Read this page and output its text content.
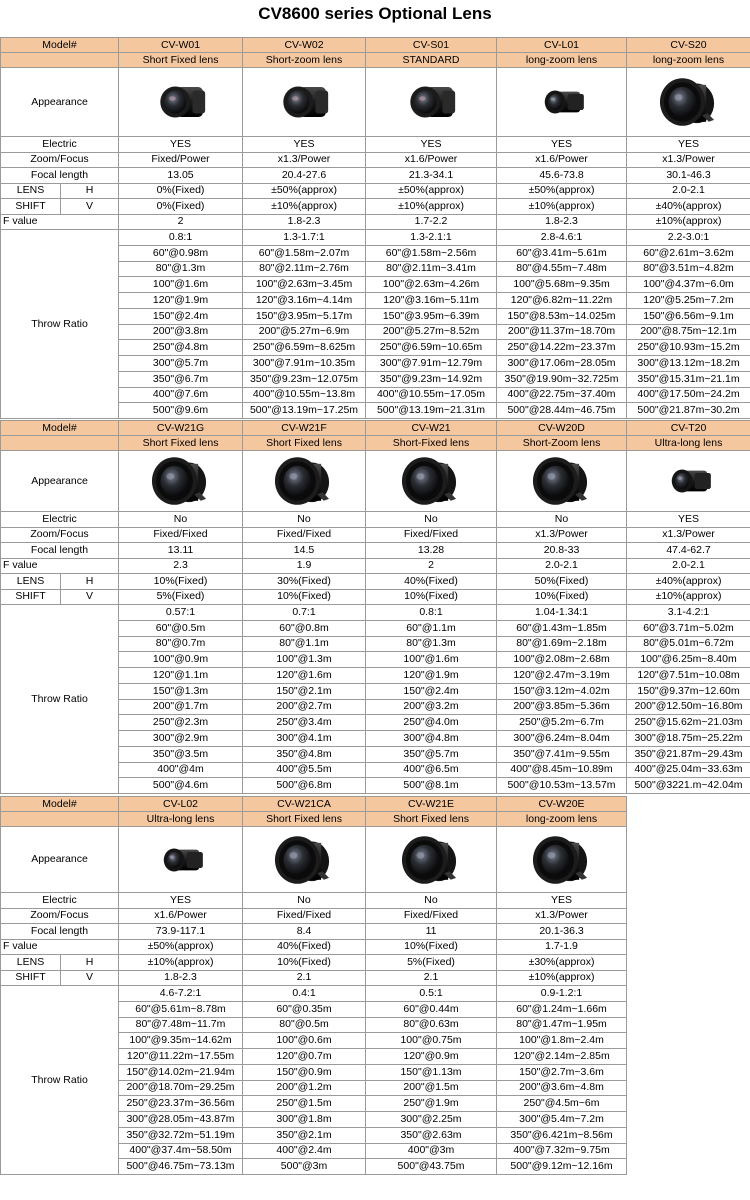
CV8600 series Optional Lens
Model#		CV-W01	CV-W02	CV-S01	CV-L01	CV-S20
		Short Fixed lens	Short-zoom lens	STANDARD	long-zoom lens	long-zoom lens
Appearance	

Electric		YES	YES	YES	YES	YES
Zoom/Focus		Fixed/Power	x1.3/Power	x1.6/Power	x1.6/Power	x1.3/Power
Focal length		13.05	20.4-27.6	21.3-34.1	45.6-73.8	30.1-46.3
LENS	H	0%(Fixed)	±50%(approx)	±50%(approx)	±50%(approx)	2.0-2.1
SHIFT	V	0%(Fixed)	±10%(approx)	±10%(approx)	±10%(approx)	±40%(approx)
F value		2	1.8-2.3	1.7-2.2	1.8-2.3	±10%(approx)
Throw Ratio		0.8:1	1.3-1.7:1	1.3-2.1:1	2.8-4.6:1	2.2-3.0:1
		60"@0.98m	60"@1.58m~2.07m	60"@1.58m~2.56m	60"@3.41m~5.61m	60"@2.61m~3.62m
		80"@1.3m	80"@2.11m~2.76m	80"@2.11m~3.41m	80"@4.55m~7.48m	80"@3.51m~4.82m
		100"@1.6m	100"@2.63m~3.45m	100"@2.63m~4.26m	100"@5.68m~9.35m	100"@4.37m~6.0m
		120"@1.9m	120"@3.16m~4.14m	120"@3.16m~5.11m	120"@6.82m~11.22m	120"@5.25m~7.2m
		150"@2.4m	150"@3.95m~5.17m	150"@3.95m~6.39m	150"@8.53m~14.025m	150"@6.56m~9.1m
		200"@3.8m	200"@5.27m~6.9m	200"@5.27m~8.52m	200"@11.37m~18.70m	200"@8.75m~12.1m
		250"@4.8m	250"@6.59m~8.625m	250"@6.59m~10.65m	250"@14.22m~23.37m	250"@10.93m~15.2m
		300"@5.7m	300"@7.91m~10.35m	300"@7.91m~12.79m	300"@17.06m~28.05m	300"@13.12m~18.2m
		350"@6.7m	350"@9.23m~12.075m	350"@9.23m~14.92m	350"@19.90m~32.725m	350"@15.31m~21.1m
		400"@7.6m	400"@10.55m~13.8m	400"@10.55m~17.05m	400"@22.75m~37.40m	400"@17.50m~24.2m
		500"@9.6m	500"@13.19m~17.25m	500"@13.19m~21.31m	500"@28.44m~46.75m	500"@21.87m~30.2m
Model#		CV-W21G	CV-W21F	CV-W21	CV-W20D	CV-T20
		Short Fixed lens	Short Fixed lens	Short-Fixed lens	Short-Zoom lens	Ultra-long lens
Appearance	

Electric		No	No	No	No	YES
Zoom/Focus		Fixed/Fixed	Fixed/Fixed	Fixed/Fixed	x1.3/Power	x1.3/Power
Focal length		13.11	14.5	13.28	20.8-33	47.4-62.7
F value		2.3	1.9	2	2.0-2.1	2.0-2.1
LENS	H	10%(Fixed)	30%(Fixed)	40%(Fixed)	50%(Fixed)	±40%(approx)
SHIFT	V	5%(Fixed)	10%(Fixed)	10%(Fixed)	10%(Fixed)	±10%(approx)
Throw Ratio		0.57:1	0.7:1	0.8:1	1.04-1.34:1	3.1-4.2:1
		60"@0.5m	60"@0.8m	60"@1.1m	60"@1.43m~1.85m	60"@3.71m~5.02m
		80"@0.7m	80"@1.1m	80"@1.3m	80"@1.69m~2.18m	80"@5.01m~6.72m
		100"@0.9m	100"@1.3m	100"@1.6m	100"@2.08m~2.68m	100"@6.25m~8.40m
		120"@1.1m	120"@1.6m	120"@1.9m	120"@2.47m~3.19m	120"@7.51m~10.08m
		150"@1.3m	150"@2.1m	150"@2.4m	150"@3.12m~4.02m	150"@9.37m~12.60m
		200"@1.7m	200"@2.7m	200"@3.2m	200"@3.85m~5.36m	200"@12.50m~16.80m
		250"@2.3m	250"@3.4m	250"@4.0m	250"@5.2m~6.7m	250"@15.62m~21.03m
		300"@2.9m	300"@4.1m	300"@4.8m	300"@6.24m~8.04m	300"@18.75m~25.22m
		350"@3.5m	350"@4.8m	350"@5.7m	350"@7.41m~9.55m	350"@21.87m~29.43m
		400"@4m	400"@5.5m	400"@6.5m	400"@8.45m~10.89m	400"@25.04m~33.63m
		500"@4.6m	500"@6.8m	500"@8.1m	500"@10.53m~13.57m	500"@3221.m~42.04m
Model#		CV-L02	CV-W21CA	CV-W21E	CV-W20E	
		Ultra-long lens	Short Fixed lens	Short Fixed lens	long-zoom lens	
Appearance	

Electric		YES	No	No	YES	
Zoom/Focus		x1.6/Power	Fixed/Fixed	Fixed/Fixed	x1.3/Power	
Focal length		73.9-117.1	8.4	11	20.1-36.3	
F value		±50%(approx)	40%(Fixed)	10%(Fixed)	1.7-1.9	
LENS	H	±10%(approx)	10%(Fixed)	5%(Fixed)	±30%(approx)	
SHIFT	V	1.8-2.3	2.1	2.1	±10%(approx)	
Throw Ratio		4.6-7.2:1	0.4:1	0.5:1	0.9-1.2:1	
		60"@5.61m~8.78m	60"@0.35m	60"@0.44m	60"@1.24m~1.66m	
		80"@7.48m~11.7m	80"@0.5m	80"@0.63m	80"@1.47m~1.95m	
		100"@9.35m~14.62m	100"@0.6m	100"@0.75m	100"@1.8m~2.4m	
		120"@11.22m~17.55m	120"@0.7m	120"@0.9m	120"@2.14m~2.85m	
		150"@14.02m~21.94m	150"@0.9m	150"@1.13m	150"@2.7m~3.6m	
		200"@18.70m~29.25m	200"@1.2m	200"@1.5m	200"@3.6m~4.8m	
		250"@23.37m~36.56m	250"@1.5m	250"@1.9m	250"@4.5m~6m	
		300"@28.05m~43.87m	300"@1.8m	300"@2.25m	300"@5.4m~7.2m	
		350"@32.72m~51.19m	350"@2.1m	350"@2.63m	350"@6.421m~8.56m	
		400"@37.4m~58.50m	400"@2.4m	400"@3m	400"@7.32m~9.75m	
		500"@46.75m~73.13m	500"@3m	500"@43.75m	500"@9.12m~12.16m	
